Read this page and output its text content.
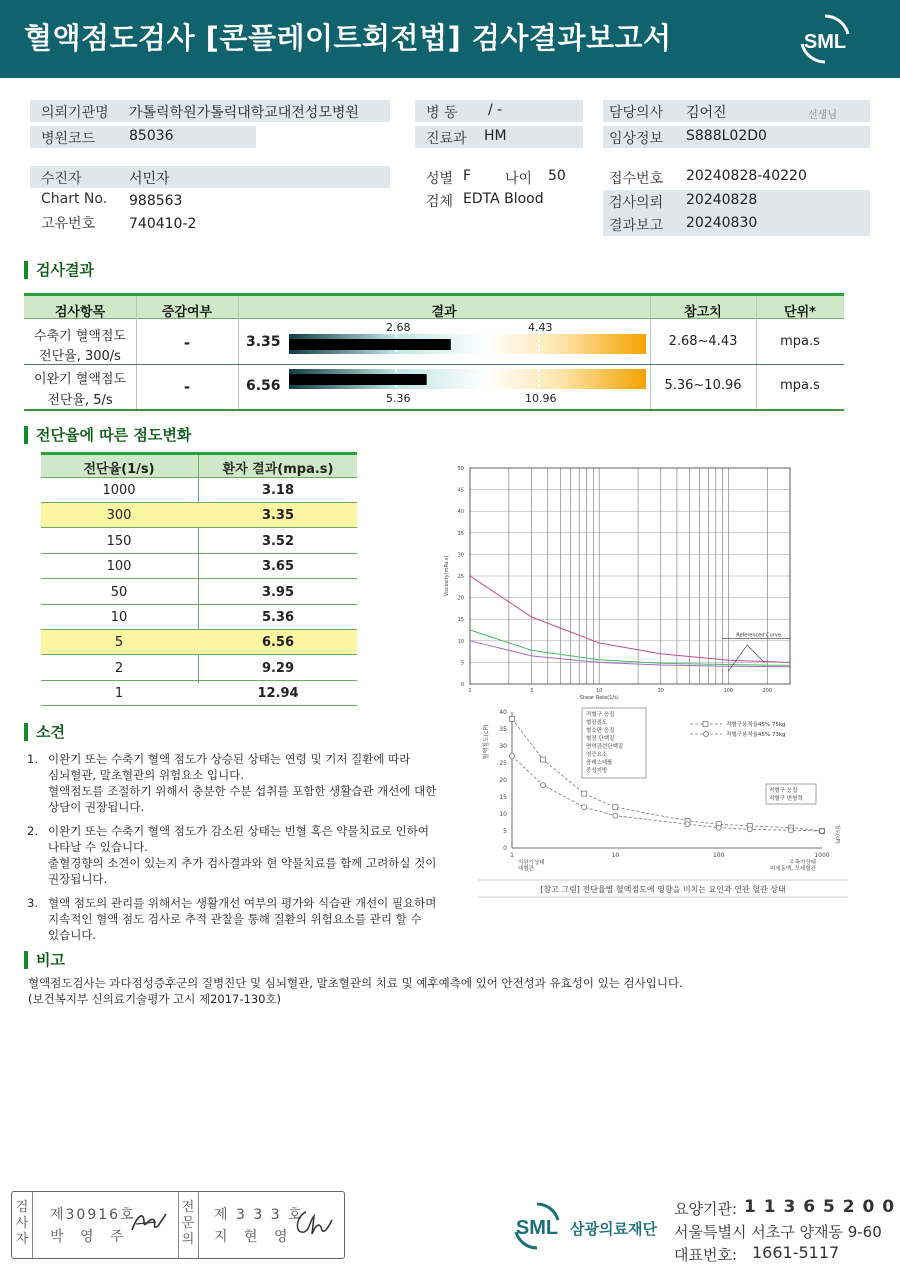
혈액점도검사 [콘플레이트회전법] 검사결과보고서	SML
의뢰기관명 가톨릭학원가톨릭대학교대전성모병원
병원코드 85036
병 동 / -
진료과 HM
담당의사 김어진	선생님
임상정보 S888L02D0
수진자	서민자
Chart No. 988563
고유번호 740410-2
성별 F 나이 50
검체 EDTA Blood
접수번호 20240828-40220
검사의뢰 20240828
결과보고 20240830
검사결과
검사항목	증감여부	결과	참고치	단위*
수축기 혈액점도
전단율, 300/s
-	3.35
2.68	4.43
2.68~4.43	mpa.s
이완기 혈액점도
전단율, 5/s
-	6.56
5.36	10.96
5.36~10.96	mpa.s
전단율에 따른 점도변화
전단율(1/s)	환자 결과(mpa.s)
1000	3.18
300	3.35
150	3.52
100	3.65
50	3.95
10	5.36
5	6.56
2	9.29
1	12.94
0
5
10
15
20
25
30
35
40
45
50
1	3	10	30	100	200
Shear Rate(1/s)
Viscosity(mPa.s)
Referenced Curve
0
5
10
15
20
25
30
35
40
1	10	100	1000
혈액점도(cP)
점도(cP)
이완기상태
대혈관
수축기상태
미세동맥, 모세혈관
적혈구용적율45% 75kg
적혈구용적율45% 73kg
적혈구 응집
혈장점도
혈소판 응집
혈장 단백질
면역관련단백질
염증요소
콜레스테롤
중성지방
적혈구 응집
적혈구 변형력
[참고 그림] 전단율별 혈액점도에 영향을 미치는 요인과 연관 혈관 상태
소견
1. 이완기 또는 수축기 혈액 점도가 상승된 상태는 연령 및 기저 질환에 따라
심뇌혈관, 말초혈관의 위험요소 입니다.
혈액점도를 조절하기 위해서 충분한 수분 섭취를 포함한 생활습관 개선에 대한
상담이 권장됩니다.
2. 이완기 또는 수축기 혈액 점도가 감소된 상태는 빈혈 혹은 약물치료로 인하여
나타날 수 있습니다.
출혈경향의 소견이 있는지 추가 검사결과와 현 약물치료를 함께 고려하실 것이
권장됩니다.
3. 혈액 점도의 관리를 위해서는 생활개선 여부의 평가와 식습관 개선이 필요하며
지속적인 혈액 점도 검사로 추적 관찰을 통해 질환의 위험요소를 관리 할 수
있습니다.
비고
혈액점도검사는 과다점성증후군의 질병진단 및 심뇌혈관, 말초혈관의 치료 및 예후예측에 있어 안전성과 유효성이 있는 검사입니다.
(보건복지부 신의료기술평가 고시 제2017-130호)
검
사
자
제30916호
박 영 주
전
문
의
제 3 3 3 호
지 현 영	SML 삼광의료재단
요양기관: 1 1 3 6 5 2 0 0
서울특별시 서초구 양재동 9-60
대표번호: 1661-5117
